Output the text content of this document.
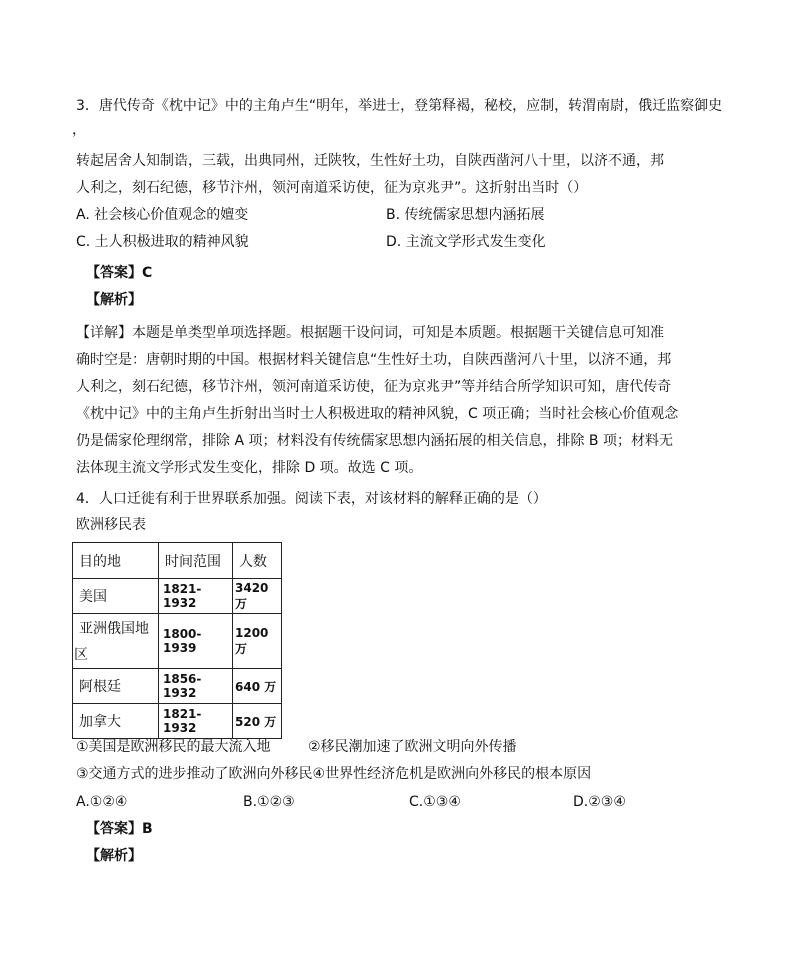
3．唐代传奇《枕中记》中的主角卢生“明年，举进士，登第释褐，秘校，应制，转渭南尉，俄迁监察御史
，
转起居舍人知制诰，三载，出典同州，迁陕牧，生性好土功，自陕西凿河八十里，以济不通，邦
人利之，刻石纪德，移节汴州，领河南道采访使，征为京兆尹”。这折射出当时（）
A. 社会核心价值观念的嬗变	B. 传统儒家思想内涵拓展
C. 土人积极进取的精神风貌	D. 主流文学形式发生变化
【答案】C
【解析】
【详解】本题是单类型单项选择题。根据题干设问词，可知是本质题。根据题干关键信息可知准
确时空是：唐朝时期的中国。根据材料关键信息“生性好土功，自陕西凿河八十里，以济不通，邦
人利之，刻石纪德，移节汴州，领河南道采访使，征为京兆尹”等并结合所学知识可知，唐代传奇
《枕中记》中的主角卢生折射出当时士人积极进取的精神风貌，C 项正确；当时社会核心价值观念
仍是儒家伦理纲常，排除 A 项；材料没有传统儒家思想内涵拓展的相关信息，排除 B 项；材料无
法体现主流文学形式发生变化，排除 D 项。故选 C 项。
4．人口迁徙有利于世界联系加强。阅读下表，对该材料的解释正确的是（）
欧洲移民表
目的地	时间范围	人数
美国	1821-1932	3420 万

亚洲俄国地
区	1800-1939	1200 万
阿根廷	1856-1932	640 万
加拿大	1821-1932	520 万
①美国是欧洲移民的最大流入地	②移民潮加速了欧洲文明向外传播
③交通方式的进步推动了欧洲向外移民④世界性经济危机是欧洲向外移民的根本原因
A.①②④	B.①②③	C.①③④	D.②③④
【答案】B
【解析】
